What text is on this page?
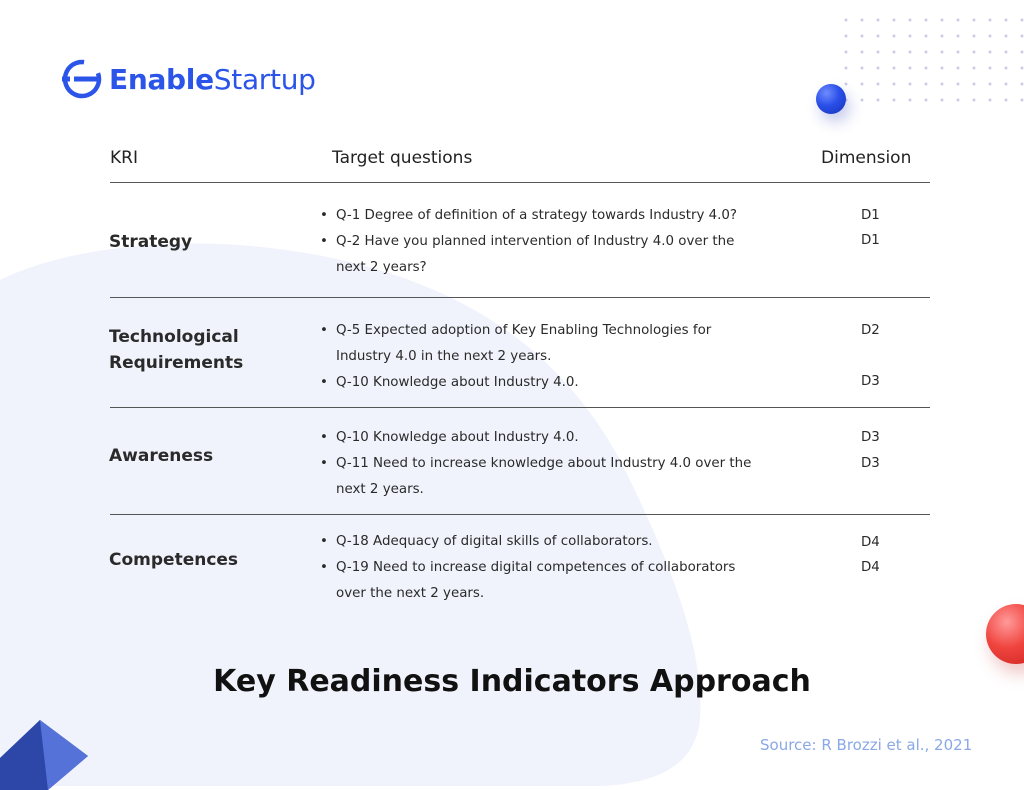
EnableStartup
KRI	Target questions	Dimension
Strategy
• Q-1 Degree of definition of a strategy towards Industry 4.0?
• Q-2 Have you planned intervention of Industry 4.0 over the
next 2 years?
D1
D1
Technological
Requirements
• Q-5 Expected adoption of Key Enabling Technologies for
Industry 4.0 in the next 2 years.
• Q-10 Knowledge about Industry 4.0.
D2
D3
Awareness
• Q-10 Knowledge about Industry 4.0.
• Q-11 Need to increase knowledge about Industry 4.0 over the
next 2 years.
D3
D3
Competences
• Q-18 Adequacy of digital skills of collaborators.
• Q-19 Need to increase digital competences of collaborators
over the next 2 years.
D4
D4
Key Readiness Indicators Approach
Source: R Brozzi et al., 2021
